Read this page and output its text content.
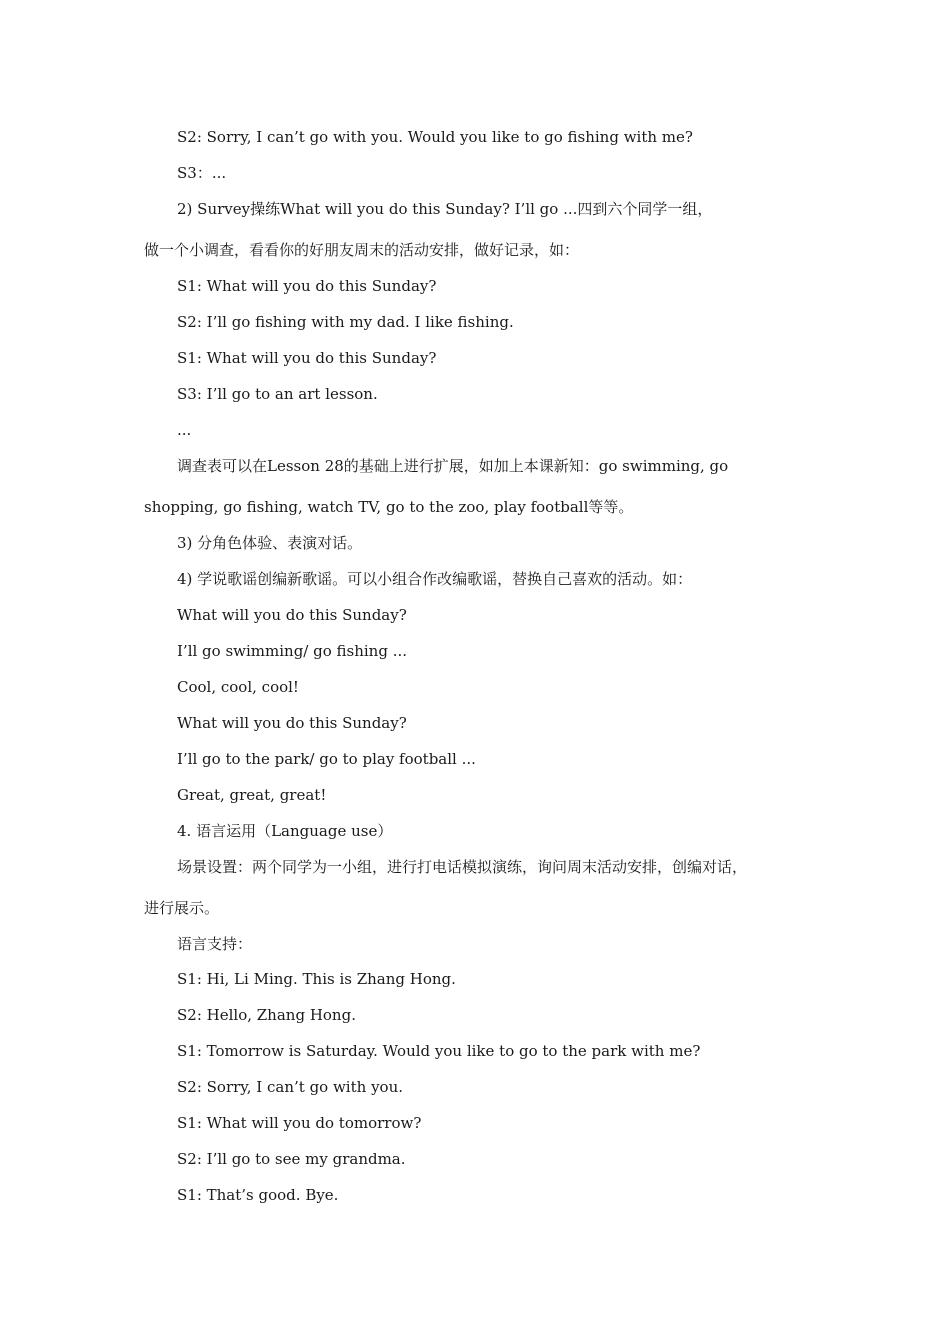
S2: Sorry, I can’t go with you. Would you like to go fishing with me?
S3：...
2) Survey操练What will you do this Sunday? I’ll go ...四到六个同学一组，
做一个小调查，看看你的好朋友周末的活动安排，做好记录，如：
S1: What will you do this Sunday?
S2: I’ll go fishing with my dad. I like fishing.
S1: What will you do this Sunday?
S3: I’ll go to an art lesson.
...
调查表可以在Lesson 28的基础上进行扩展，如加上本课新知：go swimming, go
shopping, go fishing, watch TV, go to the zoo, play football等等。
3) 分角色体验、表演对话。
4) 学说歌谣创编新歌谣。可以小组合作改编歌谣，替换自己喜欢的活动。如：
What will you do this Sunday?
I’ll go swimming/ go fishing ...
Cool, cool, cool!
What will you do this Sunday?
I’ll go to the park/ go to play football ...
Great, great, great!
4. 语言运用（Language use）
场景设置：两个同学为一小组，进行打电话模拟演练，询问周末活动安排，创编对话，
进行展示。
语言支持：
S1: Hi, Li Ming. This is Zhang Hong.
S2: Hello, Zhang Hong.
S1: Tomorrow is Saturday. Would you like to go to the park with me?
S2: Sorry, I can’t go with you.
S1: What will you do tomorrow?
S2: I’ll go to see my grandma.
S1: That’s good. Bye.
